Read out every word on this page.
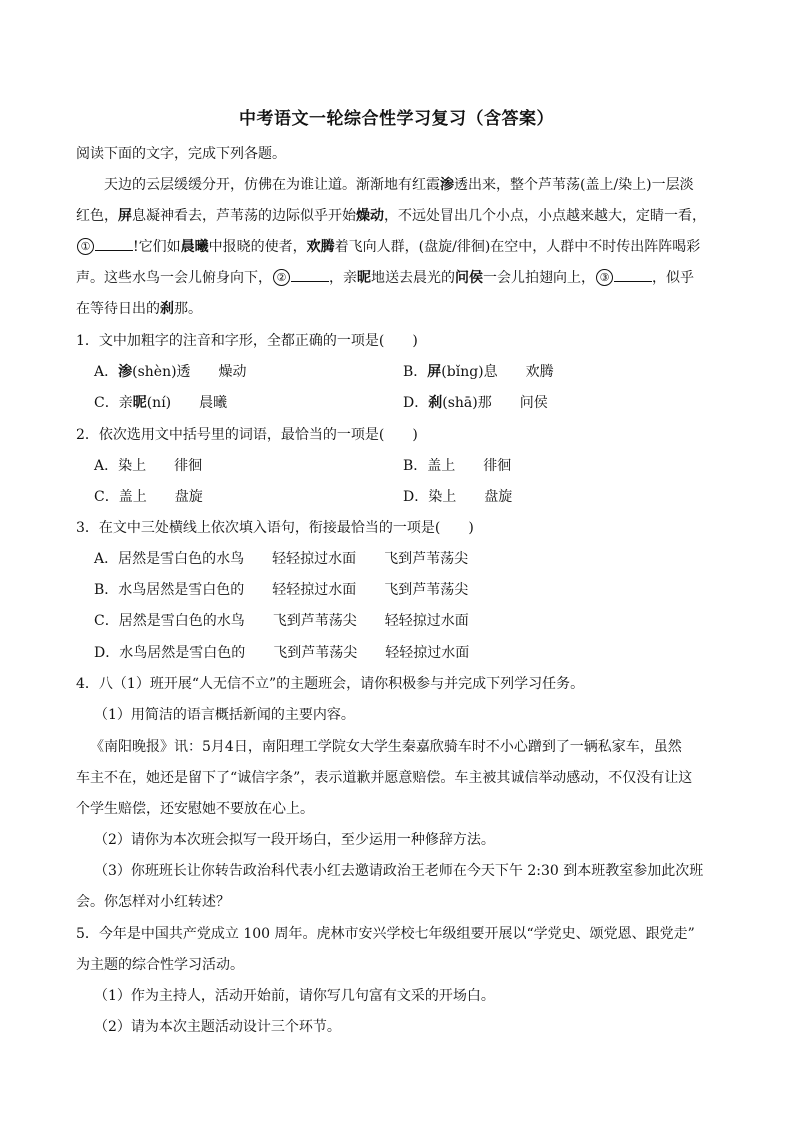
中考语文一轮综合性学习复习（含答案）
阅读下面的文字，完成下列各题。
天边的云层缓缓分开，仿佛在为谁让道。渐渐地有红霞渗透出来，整个芦苇荡(盖上/染上)一层淡
红色，屏息凝神看去，芦苇荡的边际似乎开始燥动，不远处冒出几个小点，小点越来越大，定睛一看，
①	!它们如晨曦中报晓的使者，欢腾着飞向人群，(盘旋/徘徊)在空中，人群中不时传出阵阵喝彩
声。这些水鸟一会儿俯身向下， ②	，亲昵地送去晨光的问侯一会儿拍翅向上， ③	，似乎
在等待日出的刹那。
1．文中加粗字的注音和字形，全都正确的一项是(　　)
A．渗(shèn)透　　燥动	B．屏(bǐng)息　　欢腾
C．亲昵(ní)　　晨曦	D．刹(shā)那　　问侯
2．依次选用文中括号里的词语，最恰当的一项是(　　)
A．染上　　徘徊	B．盖上　　徘徊
C．盖上　　盘旋	D．染上　　盘旋
3．在文中三处横线上依次填入语句，衔接最恰当的一项是(　　)
A．居然是雪白色的水鸟　　轻轻掠过水面　　飞到芦苇荡尖
B．水鸟居然是雪白色的　　轻轻掠过水面　　飞到芦苇荡尖
C．居然是雪白色的水鸟　　飞到芦苇荡尖　　轻轻掠过水面
D．水鸟居然是雪白色的　　飞到芦苇荡尖　　轻轻掠过水面
4．八（1）班开展“人无信不立”的主题班会，请你积极参与并完成下列学习任务。
（1）用简洁的语言概括新闻的主要内容。
《南阳晚报》讯：5月4日，南阳理工学院女大学生秦嘉欣骑车时不小心蹭到了一辆私家车，虽然
车主不在，她还是留下了“诚信字条”，表示道歉并愿意赔偿。车主被其诚信举动感动，不仅没有让这
个学生赔偿，还安慰她不要放在心上。
（2）请你为本次班会拟写一段开场白，至少运用一种修辞方法。
（3）你班班长让你转告政治科代表小红去邀请政治王老师在今天下午 2:30 到本班教室参加此次班
会。你怎样对小红转述？
5．今年是中国共产党成立 100 周年。虎林市安兴学校七年级组要开展以“学党史、颂党恩、跟党走”
为主题的综合性学习活动。
（1）作为主持人，活动开始前，请你写几句富有文采的开场白。
（2）请为本次主题活动设计三个环节。
